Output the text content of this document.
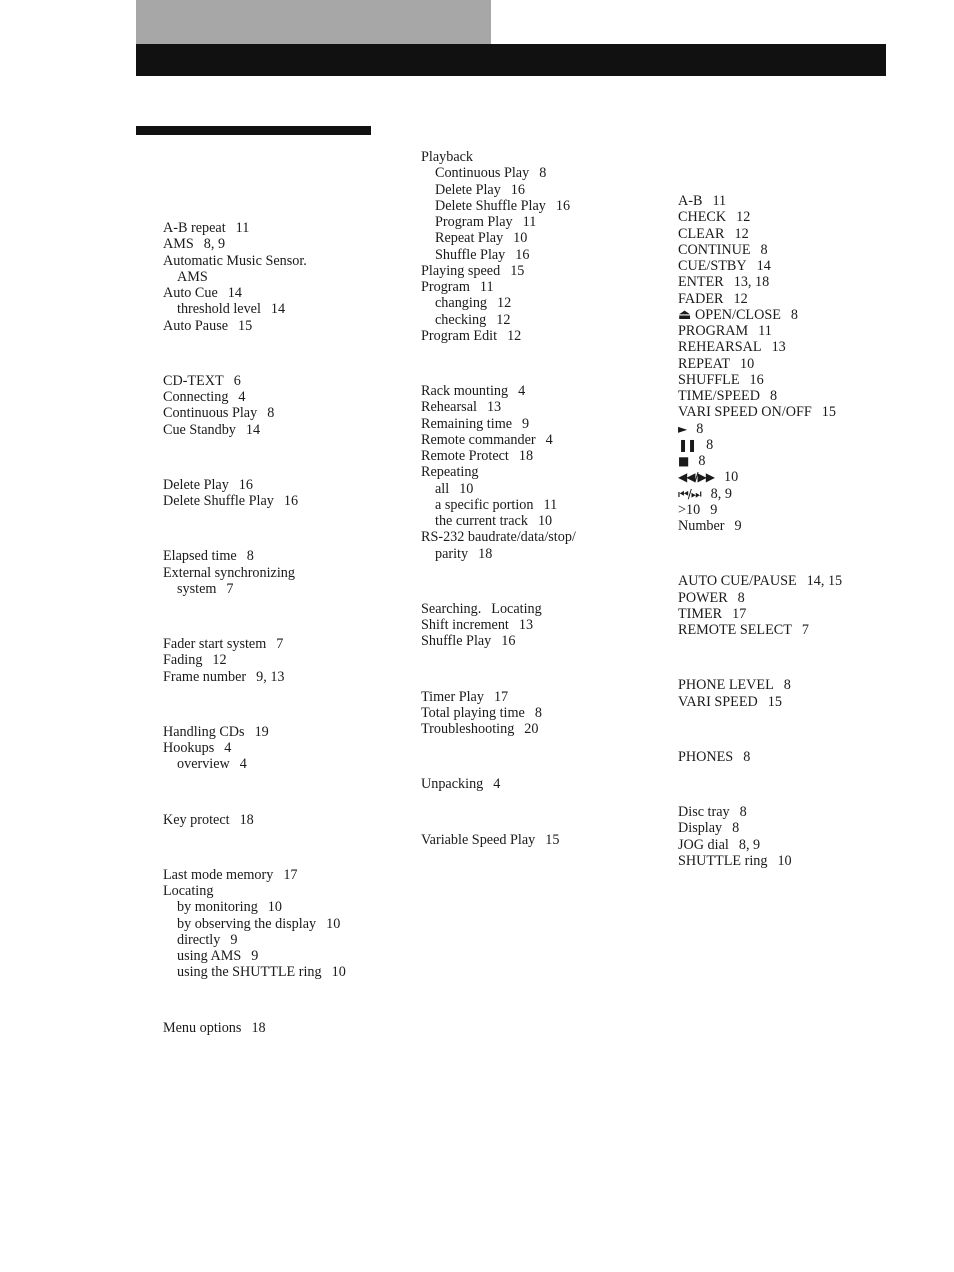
A-B repeat 11
AMS 8, 9
Automatic Music Sensor.
AMS
Auto Cue 14
threshold level 14
Auto Pause 15
CD-TEXT 6
Connecting 4
Continuous Play 8
Cue Standby 14
Delete Play 16
Delete Shuffle Play 16
Elapsed time 8
External synchronizing
system 7
Fader start system 7
Fading 12
Frame number 9, 13
Handling CDs 19
Hookups 4
overview 4
Key protect 18
Last mode memory 17
Locating
by monitoring 10
by observing the display 10
directly 9
using AMS 9
using the SHUTTLE ring 10
Menu options 18
Playback
Continuous Play 8
Delete Play 16
Delete Shuffle Play 16
Program Play 11
Repeat Play 10
Shuffle Play 16
Playing speed 15
Program 11
changing 12
checking 12
Program Edit 12
Rack mounting 4
Rehearsal 13
Remaining time 9
Remote commander 4
Remote Protect 18
Repeating
all 10
a specific portion 11
the current track 10
RS-232 baudrate/data/stop/
parity 18
Searching. Locating
Shift increment 13
Shuffle Play 16
Timer Play 17
Total playing time 8
Troubleshooting 20
Unpacking 4
Variable Speed Play 15
A-B 11
CHECK 12
CLEAR 12
CONTINUE 8
CUE/STBY 14
ENTER 13, 18
FADER 12
⏏ OPEN/CLOSE 8
PROGRAM 11
REHEARSAL 13
REPEAT 10
SHUFFLE 16
TIME/SPEED 8
VARI SPEED ON/OFF 15
► 8
❚❚ 8
■ 8
◀◀/▶▶ 10
⏮/⏭ 8, 9
>10 9
Number 9
AUTO CUE/PAUSE 14, 15
POWER 8
TIMER 17
REMOTE SELECT 7
PHONE LEVEL 8
VARI SPEED 15
PHONES 8
Disc tray 8
Display 8
JOG dial 8, 9
SHUTTLE ring 10
